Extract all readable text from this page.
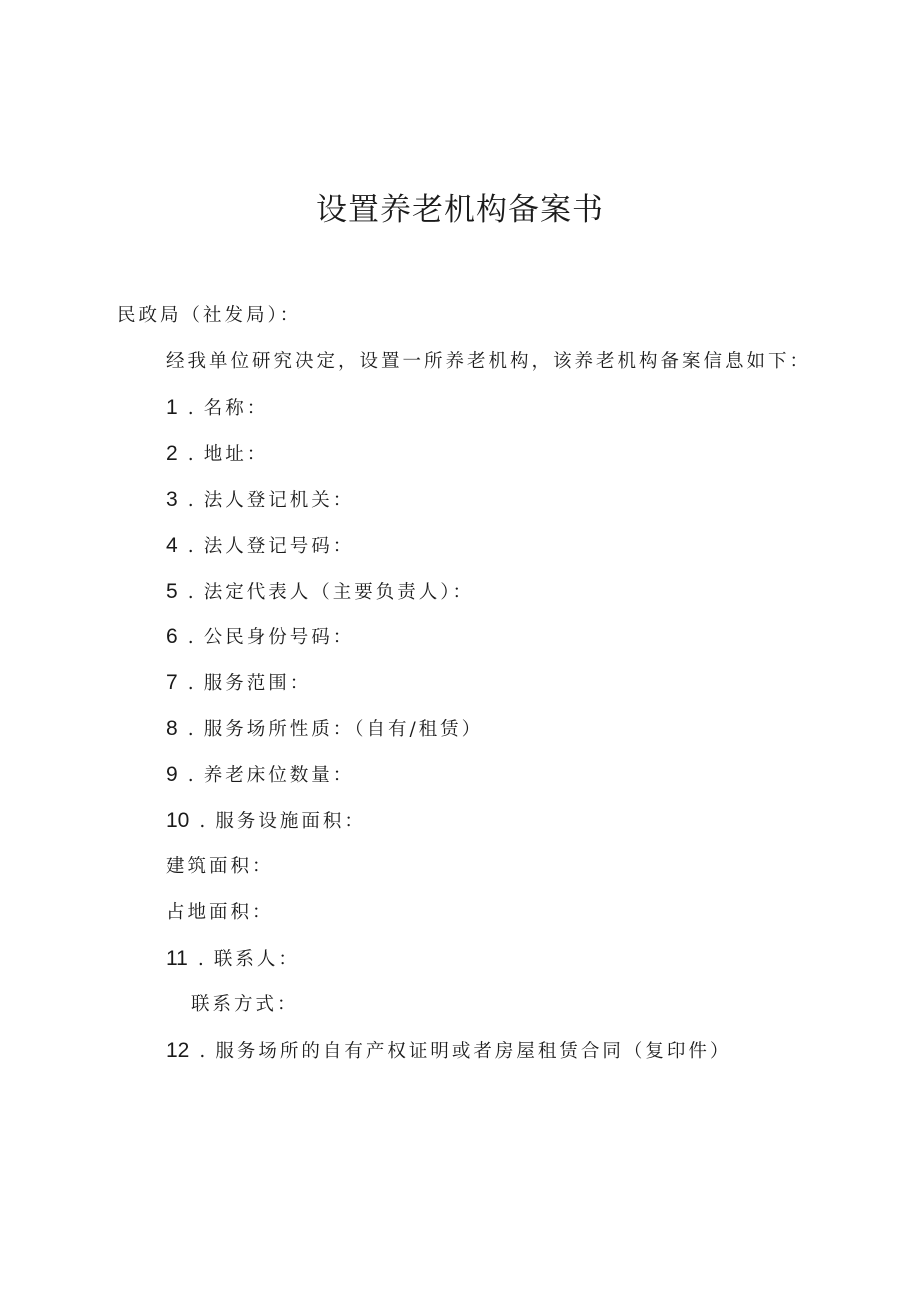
设置养老机构备案书
民政局（社发局）：
经我单位研究决定，设置一所养老机构，该养老机构备案信息如下：
1 . 名称：
2 . 地址：
3 . 法人登记机关：
4 . 法人登记号码：
5 . 法定代表人（主要负责人）：
6 . 公民身份号码：
7 . 服务范围：
8 . 服务场所性质：（自有/租赁）
9 . 养老床位数量：
10 . 服务设施面积：
建筑面积：
占地面积：
11 . 联系人：
联系方式：
12 . 服务场所的自有产权证明或者房屋租赁合同（复印件）
